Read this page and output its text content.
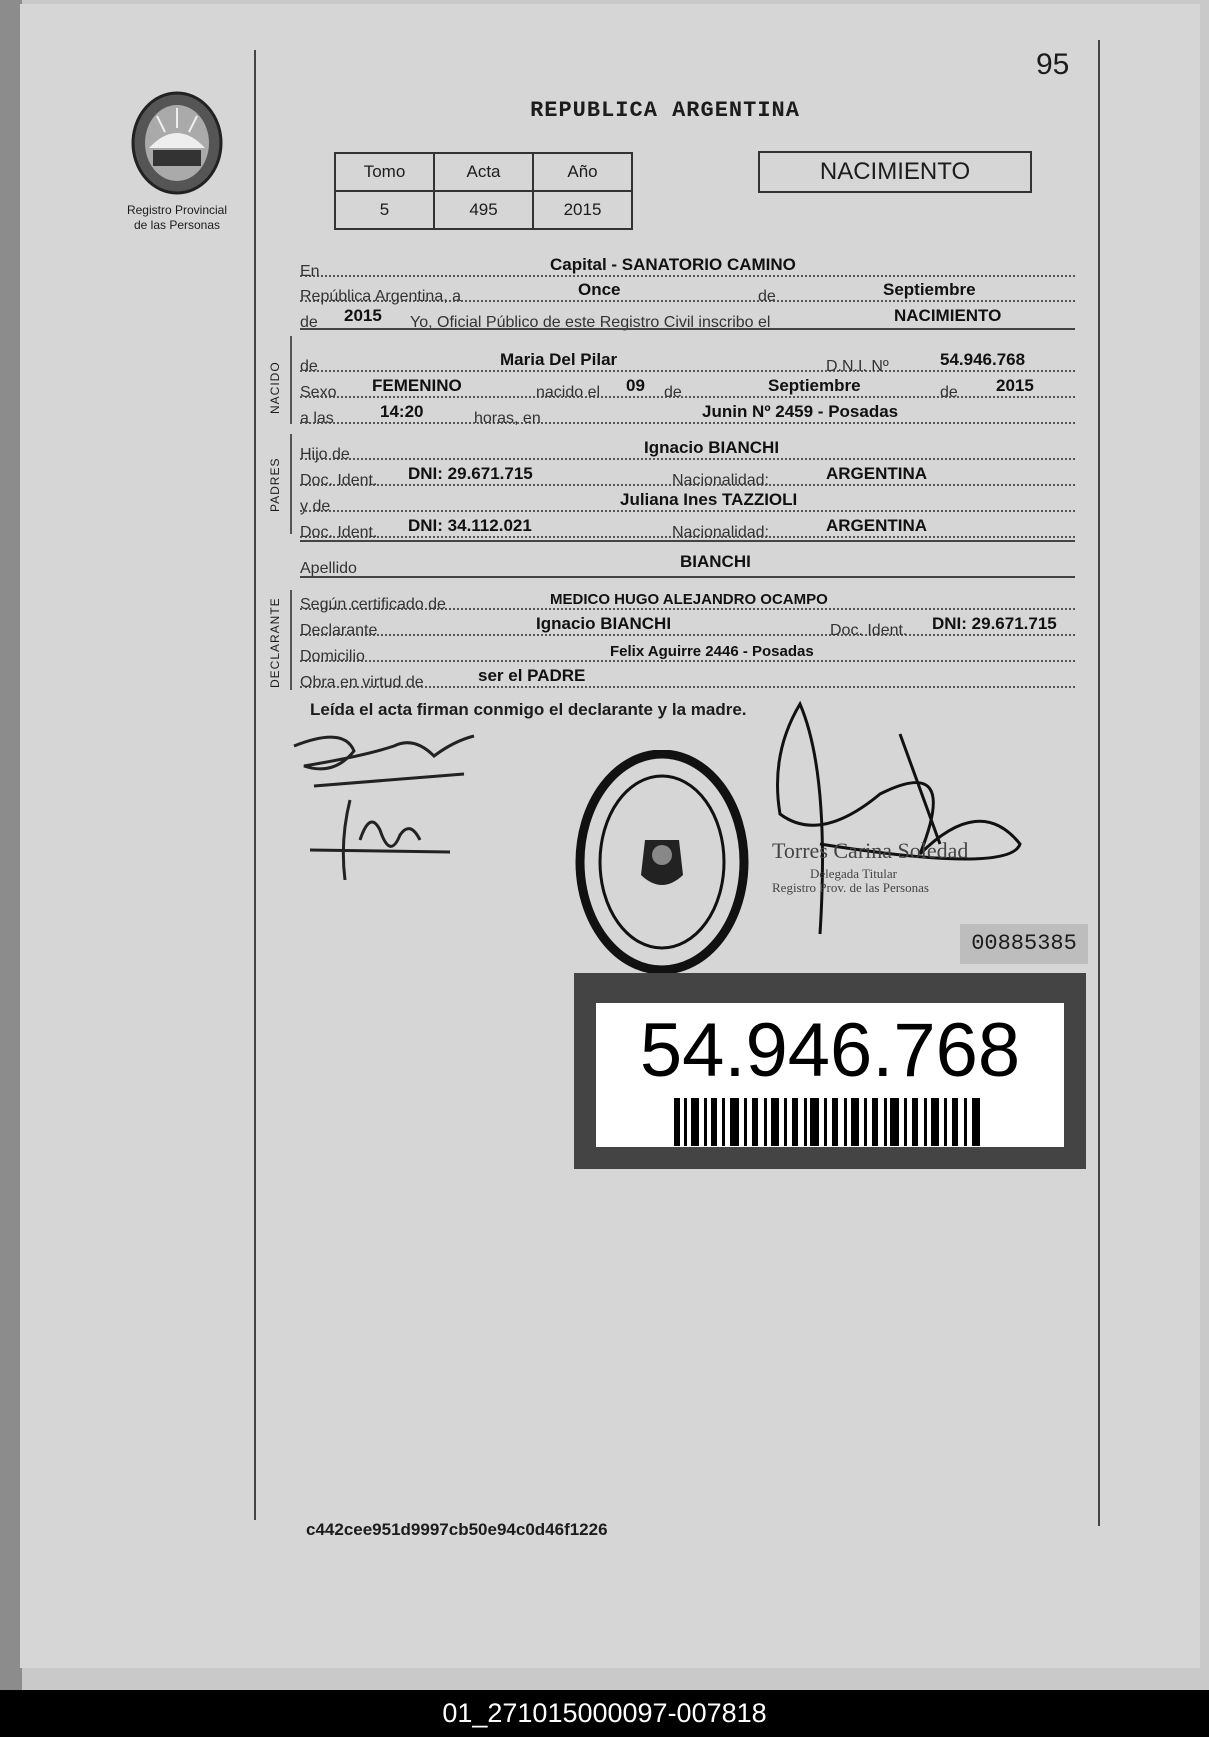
95
Registro Provincial
de las Personas
REPUBLICA ARGENTINA
Tomo	Acta	Año
5	495	2015
NACIMIENTO
En	Capital - SANATORIO CAMINO
República Argentina, a	Once	de	Septiembre
de 2015 Yo, Oficial Público de este Registro Civil inscribo el	NACIMIENTO
NACIDO de	Maria Del Pilar	D.N.I. Nº	54.946.768
Sexo FEMENINO	nacido el 09 de	Septiembre	de 2015
a las	14:20	horas, en	Junin Nº 2459 - Posadas
PADRES
Hijo de	Ignacio BIANCHI
Doc. Ident. DNI: 29.671.715	Nacionalidad:	ARGENTINA
y de	Juliana Ines TAZZIOLI
Doc. Ident. DNI: 34.112.021	Nacionalidad:	ARGENTINA
Apellido	BIANCHI
DECLARANTE Según certificado de	MEDICO HUGO ALEJANDRO OCAMPO
Declarante	Ignacio BIANCHI	Doc. Ident. DNI: 29.671.715
Domicilio	Felix Aguirre 2446 - Posadas
Obra en virtud de	ser el PADRE
Leída el acta firman conmigo el declarante y la madre.
Torres Carina Soledad
Delegada Titular
Registro Prov. de las Personas
00885385
54.946.768
c442cee951d9997cb50e94c0d46f1226
01_271015000097-007818
